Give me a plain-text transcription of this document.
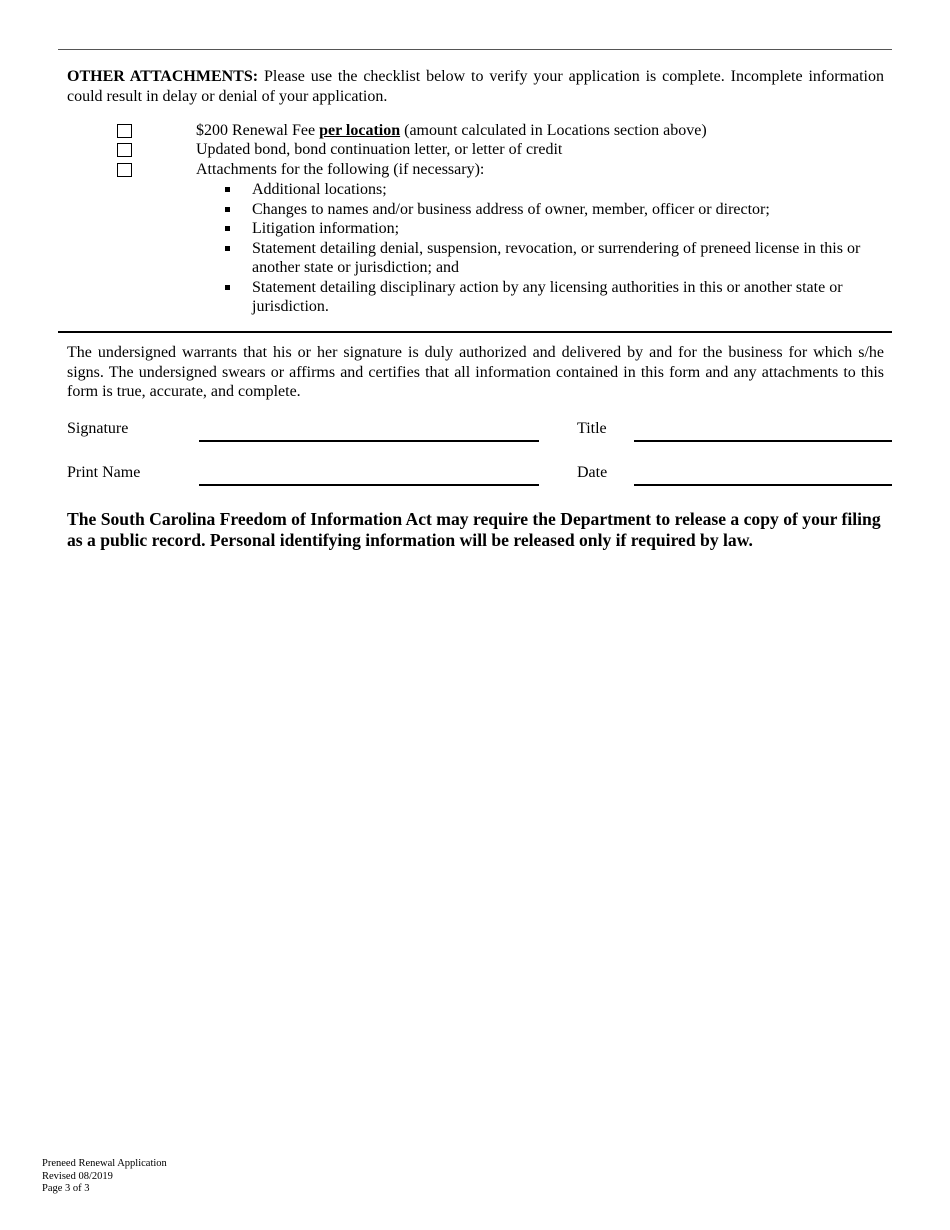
OTHER ATTACHMENTS: Please use the checklist below to verify your application is complete. Incomplete information could result in delay or denial of your application.

$200 Renewal Fee per location (amount calculated in Locations section above)
Updated bond, bond continuation letter, or letter of credit
Attachments for the following (if necessary):
Additional locations;
Changes to names and/or business address of owner, member, officer or director;
Litigation information;
Statement detailing denial, suspension, revocation, or surrendering of preneed license in this or another state or jurisdiction; and
Statement detailing disciplinary action by any licensing authorities in this or another state or jurisdiction.

The undersigned warrants that his or her signature is duly authorized and delivered by and for the business for which s/he signs. The undersigned swears or affirms and certifies that all information contained in this form and any attachments to this form is true, accurate, and complete.

Signature	Title
Print Name	Date

The South Carolina Freedom of Information Act may require the Department to release a copy of your filing as a public record. Personal identifying information will be released only if required by law.

Preneed Renewal Application
Revised 08/2019
Page 3 of 3
